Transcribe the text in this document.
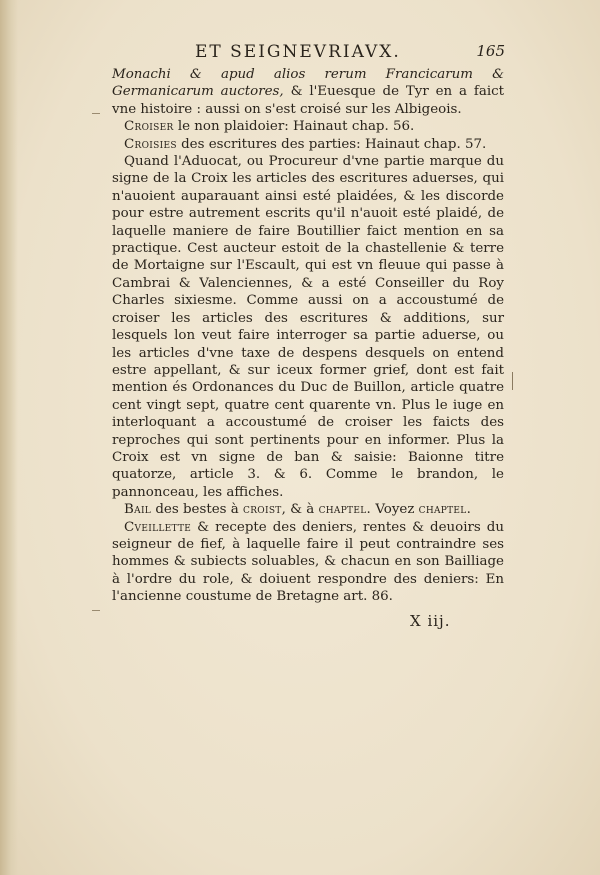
ET SEIGNEVRIAVX.	165

Monachi & apud alios rerum Francicarum & Germanicarum auctores, & l'Euesque de Tyr en a faict vne histoire : aussi on s'est croisé sur les Albigeois.

Croiser le non plaidoier: Hainaut chap. 56.

Croisies des escritures des parties: Hainaut chap. 57.

Quand l'Aduocat, ou Procureur d'vne partie marque du signe de la Croix les articles des escritures aduerses, qui n'auoient auparauant ainsi esté plaidées, & les discorde pour estre autrement escrits qu'il n'auoit esté plaidé, de laquelle maniere de faire Boutillier faict mention en sa practique. Cest aucteur estoit de la chastellenie & terre de Mortaigne sur l'Escault, qui est vn fleuue qui passe à Cambrai & Valenciennes, & a esté Conseiller du Roy Charles sixiesme. Comme aussi on a accoustumé de croiser les articles des escritures & additions, sur lesquels lon veut faire interroger sa partie aduerse, ou les articles d'vne taxe de despens desquels on entend estre appellant, & sur iceux former grief, dont est fait mention és Ordonances du Duc de Buillon, article quatre cent vingt sept, quatre cent quarente vn. Plus le iuge en interloquant a accoustumé de croiser les faicts des reproches qui sont pertinents pour en informer. Plus la Croix est vn signe de ban & saisie: Baionne titre quatorze, article 3. & 6. Comme le brandon, le pannonceau, les affiches.

Bail des bestes à croist, & à chaptel. Voyez chaptel.

Cveillette & recepte des deniers, rentes & deuoirs du seigneur de fief, à laquelle faire il peut contraindre ses hommes & subiects soluables, & chacun en son Bailliage à l'ordre du role, & doiuent respondre des deniers: En l'ancienne coustume de Bretagne art. 86.

X iij.
